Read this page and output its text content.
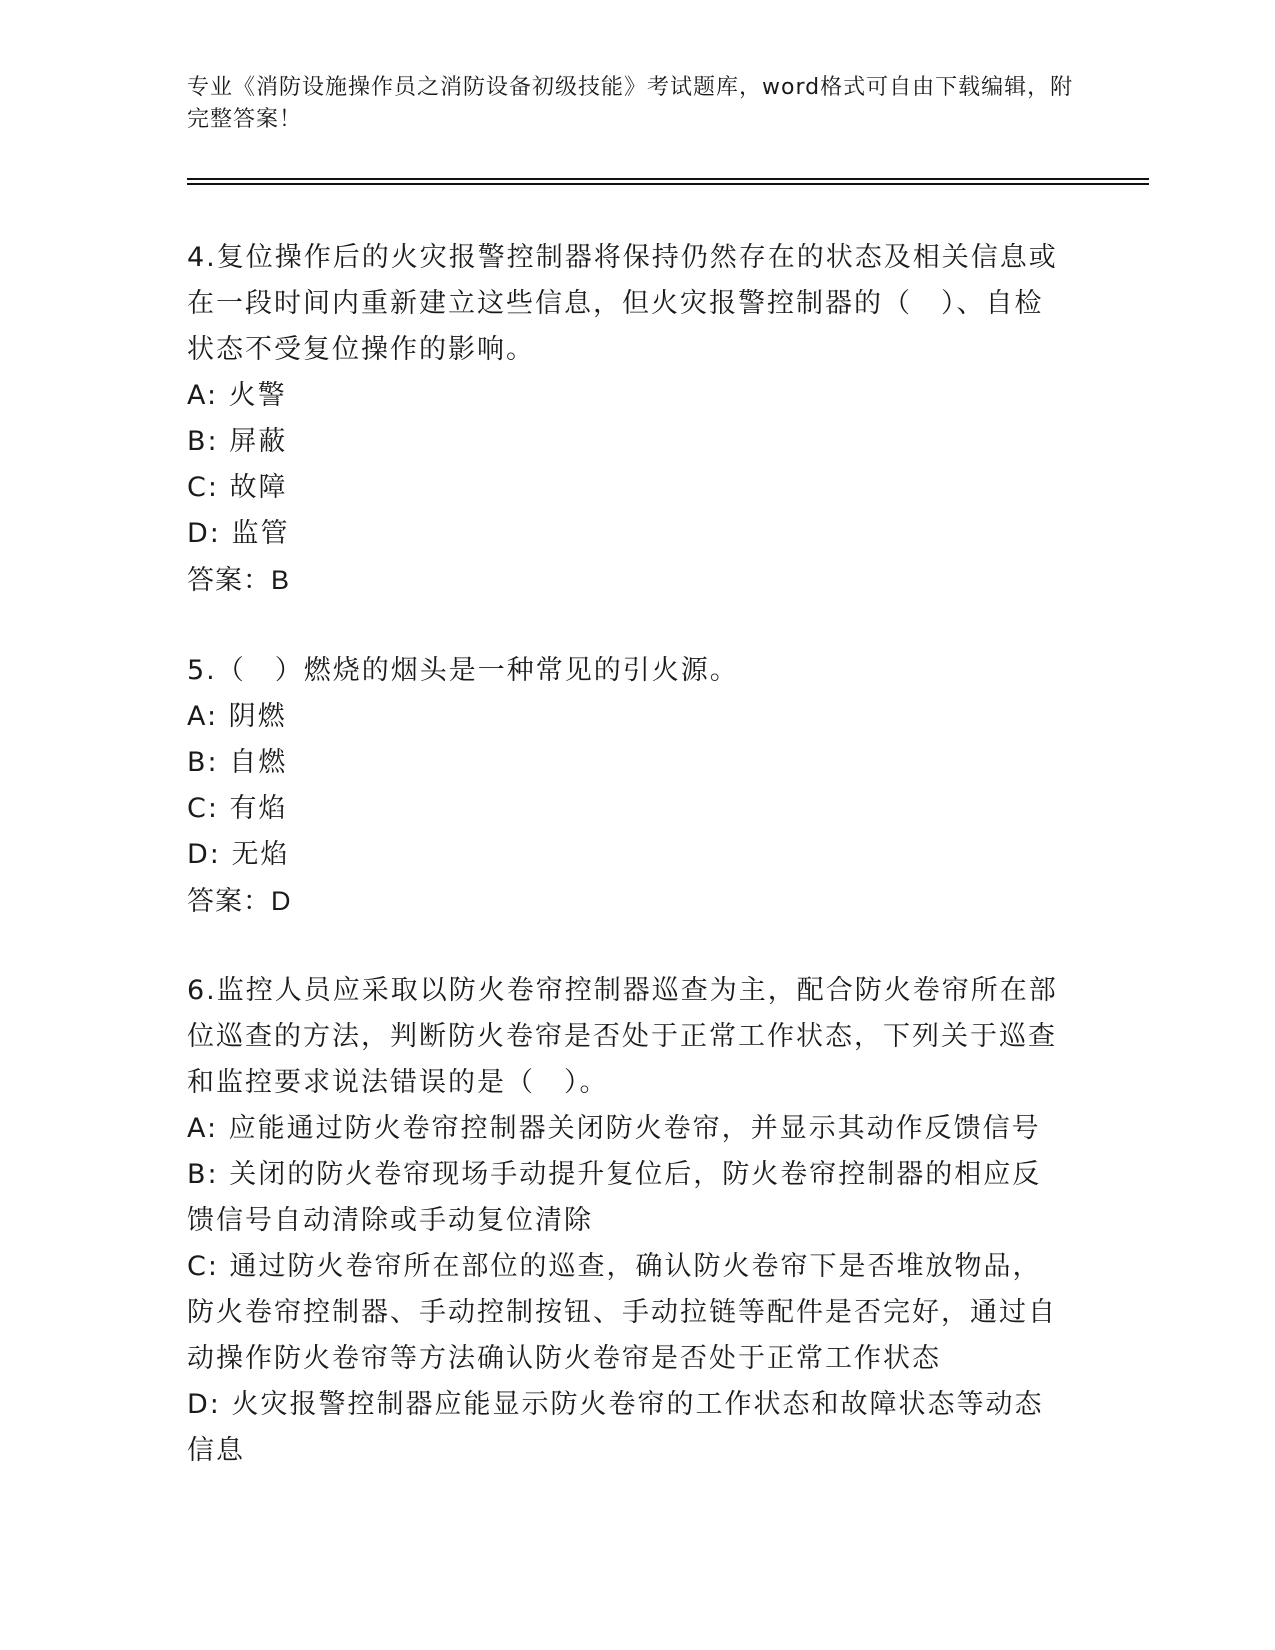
专业《消防设施操作员之消防设备初级技能》考试题库，word格式可自由下载编辑，附完整答案！
4.复位操作后的火灾报警控制器将保持仍然存在的状态及相关信息或在一段时间内重新建立这些信息，但火灾报警控制器的（　）、自检状态不受复位操作的影响。
A: 火警
B: 屏蔽
C: 故障
D: 监管
答案：B
5.（　）燃烧的烟头是一种常见的引火源。
A: 阴燃
B: 自燃
C: 有焰
D: 无焰
答案：D
6.监控人员应采取以防火卷帘控制器巡查为主，配合防火卷帘所在部位巡查的方法，判断防火卷帘是否处于正常工作状态，下列关于巡查和监控要求说法错误的是（　）。
A: 应能通过防火卷帘控制器关闭防火卷帘，并显示其动作反馈信号
B: 关闭的防火卷帘现场手动提升复位后，防火卷帘控制器的相应反馈信号自动清除或手动复位清除
C: 通过防火卷帘所在部位的巡查，确认防火卷帘下是否堆放物品，防火卷帘控制器、手动控制按钮、手动拉链等配件是否完好，通过自动操作防火卷帘等方法确认防火卷帘是否处于正常工作状态
D: 火灾报警控制器应能显示防火卷帘的工作状态和故障状态等动态信息
